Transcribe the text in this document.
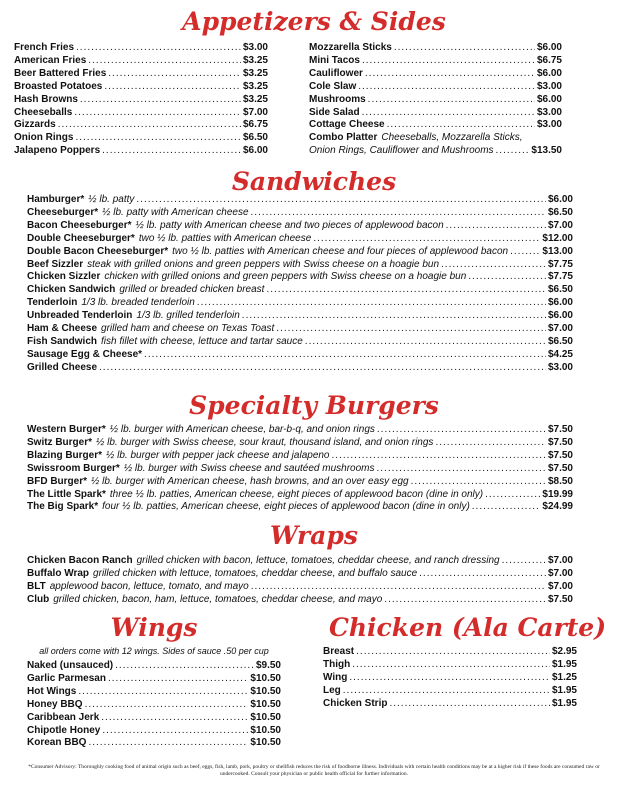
Appetizers & Sides
Sandwiches
Specialty Burgers
Wraps
Wings	Chicken (Ala Carte)
French Fries .....	$3.00
American Fries .....	$3.25
Beer Battered Fries .....	$3.25
Broasted Potatoes .....	$3.25
Hash Browns .....	$3.25
Cheeseballs .....	$7.00
Gizzards .....	$6.75
Onion Rings .....	$6.50
Jalapeno Poppers .....	$6.00
Mozzarella Sticks .....	$6.00
Mini Tacos .....	$6.75
Cauliflower .....	$6.00
Cole Slaw .....	$3.00
Mushrooms .....	$6.00
Side Salad .....	$3.00
Cottage Cheese .....	$3.00
Combo Platter Cheeseballs, Mozzarella Sticks,
Onion Rings, Cauliflower and Mushrooms .....	$13.50
Hamburger* ½ lb. patty .....	$6.00
Cheeseburger* ½ lb. patty with American cheese .....	$6.50
Bacon Cheeseburger* ½ lb. patty with American cheese and two pieces of applewood bacon .....	$7.00
Double Cheeseburger* two ½ lb. patties with American cheese .....	$12.00
Double Bacon Cheeseburger* two ½ lb. patties with American cheese and four pieces of applewood bacon .....	$13.00
Beef Sizzler steak with grilled onions and green peppers with Swiss cheese on a hoagie bun .....	$7.75
Chicken Sizzler chicken with grilled onions and green peppers with Swiss cheese on a hoagie bun .....	$7.75
Chicken Sandwich grilled or breaded chicken breast .....	$6.50
Tenderloin 1/3 lb. breaded tenderloin .....	$6.00
Unbreaded Tenderloin 1/3 lb. grilled tenderloin .....	$6.00
Ham & Cheese grilled ham and cheese on Texas Toast .....	$7.00
Fish Sandwich fish fillet with cheese, lettuce and tartar sauce .....	$6.50
Sausage Egg & Cheese* .....	$4.25
Grilled Cheese .....	$3.00
Western Burger* ½ lb. burger with American cheese, bar-b-q, and onion rings .....	$7.50
Switz Burger* ½ lb. burger with Swiss cheese, sour kraut, thousand island, and onion rings .....	$7.50
Blazing Burger* ½ lb. burger with pepper jack cheese and jalapeno .....	$7.50
Swissroom Burger* ½ lb. burger with Swiss cheese and sautéed mushrooms .....	$7.50
BFD Burger* ½ lb. burger with American cheese, hash browns, and an over easy egg .....	$8.50
The Little Spark* three ½ lb. patties, American cheese, eight pieces of applewood bacon (dine in only) .....	$19.99
The Big Spark* four ½ lb. patties, American cheese, eight pieces of applewood bacon (dine in only) .....	$24.99
Chicken Bacon Ranch grilled chicken with bacon, lettuce, tomatoes, cheddar cheese, and ranch dressing .....	$7.00
Buffalo Wrap grilled chicken with lettuce, tomatoes, cheddar cheese, and buffalo sauce .....	$7.00
BLT applewood bacon, lettuce, tomato, and mayo .....	$7.00
Club grilled chicken, bacon, ham, lettuce, tomatoes, cheddar cheese, and mayo .....	$7.50
all orders come with 12 wings. Sides of sauce .50 per cup
Naked (unsauced) .....	$9.50
Garlic Parmesan .....	$10.50
Hot Wings .....	$10.50
Honey BBQ .....	$10.50
Caribbean Jerk .....	$10.50
Chipotle Honey .....	$10.50
Korean BBQ .....	$10.50
Breast .....	$2.95
Thigh .....	$1.95
Wing .....	$1.25
Leg .....	$1.95
Chicken Strip .....	$1.95
*Consumer Advisory: Thoroughly cooking food of animal origin such as beef, eggs, fish, lamb, pork, poultry or shellfish reduces the risk of foodborne illness. Individuals with certain health conditions may be at a higher risk if these foods are consumed raw or undercooked. Consult your physician or public health official for further information.
